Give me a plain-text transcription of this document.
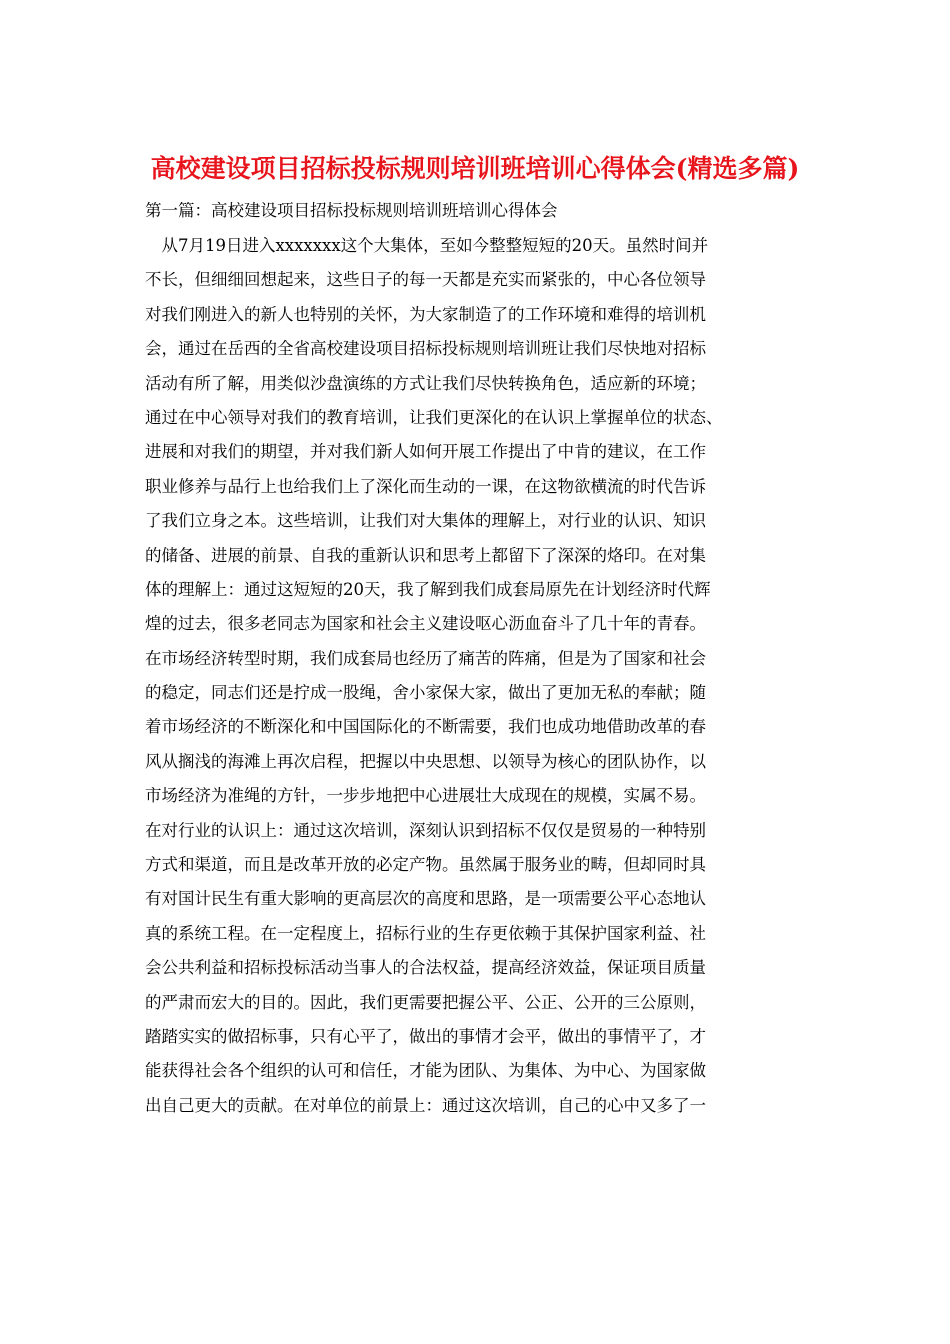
高校建设项目招标投标规则培训班培训心得体会(精选多篇)
第一篇：高校建设项目招标投标规则培训班培训心得体会
　从7月19日进入xxxxxxx这个大集体，至如今整整短短的20天。虽然时间并
不长，但细细回想起来，这些日子的每一天都是充实而紧张的，中心各位领导
对我们刚进入的新人也特别的关怀，为大家制造了的工作环境和难得的培训机
会，通过在岳西的全省高校建设项目招标投标规则培训班让我们尽快地对招标
活动有所了解，用类似沙盘演练的方式让我们尽快转换角色，适应新的环境；
通过在中心领导对我们的教育培训，让我们更深化的在认识上掌握单位的状态、
进展和对我们的期望，并对我们新人如何开展工作提出了中肯的建议，在工作
职业修养与品行上也给我们上了深化而生动的一课，在这物欲横流的时代告诉
了我们立身之本。这些培训，让我们对大集体的理解上，对行业的认识、知识
的储备、进展的前景、自我的重新认识和思考上都留下了深深的烙印。在对集
体的理解上：通过这短短的20天，我了解到我们成套局原先在计划经济时代辉
煌的过去，很多老同志为国家和社会主义建设呕心沥血奋斗了几十年的青春。
在市场经济转型时期，我们成套局也经历了痛苦的阵痛，但是为了国家和社会
的稳定，同志们还是拧成一股绳，舍小家保大家，做出了更加无私的奉献；随
着市场经济的不断深化和中国国际化的不断需要，我们也成功地借助改革的春
风从搁浅的海滩上再次启程，把握以中央思想、以领导为核心的团队协作，以
市场经济为准绳的方针，一步步地把中心进展壮大成现在的规模，实属不易。
在对行业的认识上：通过这次培训，深刻认识到招标不仅仅是贸易的一种特别
方式和渠道，而且是改革开放的必定产物。虽然属于服务业的畴，但却同时具
有对国计民生有重大影响的更高层次的高度和思路，是一项需要公平心态地认
真的系统工程。在一定程度上，招标行业的生存更依赖于其保护国家利益、社
会公共利益和招标投标活动当事人的合法权益，提高经济效益，保证项目质量
的严肃而宏大的目的。因此，我们更需要把握公平、公正、公开的三公原则，
踏踏实实的做招标事，只有心平了，做出的事情才会平，做出的事情平了，才
能获得社会各个组织的认可和信任，才能为团队、为集体、为中心、为国家做
出自己更大的贡献。在对单位的前景上：通过这次培训，自己的心中又多了一
